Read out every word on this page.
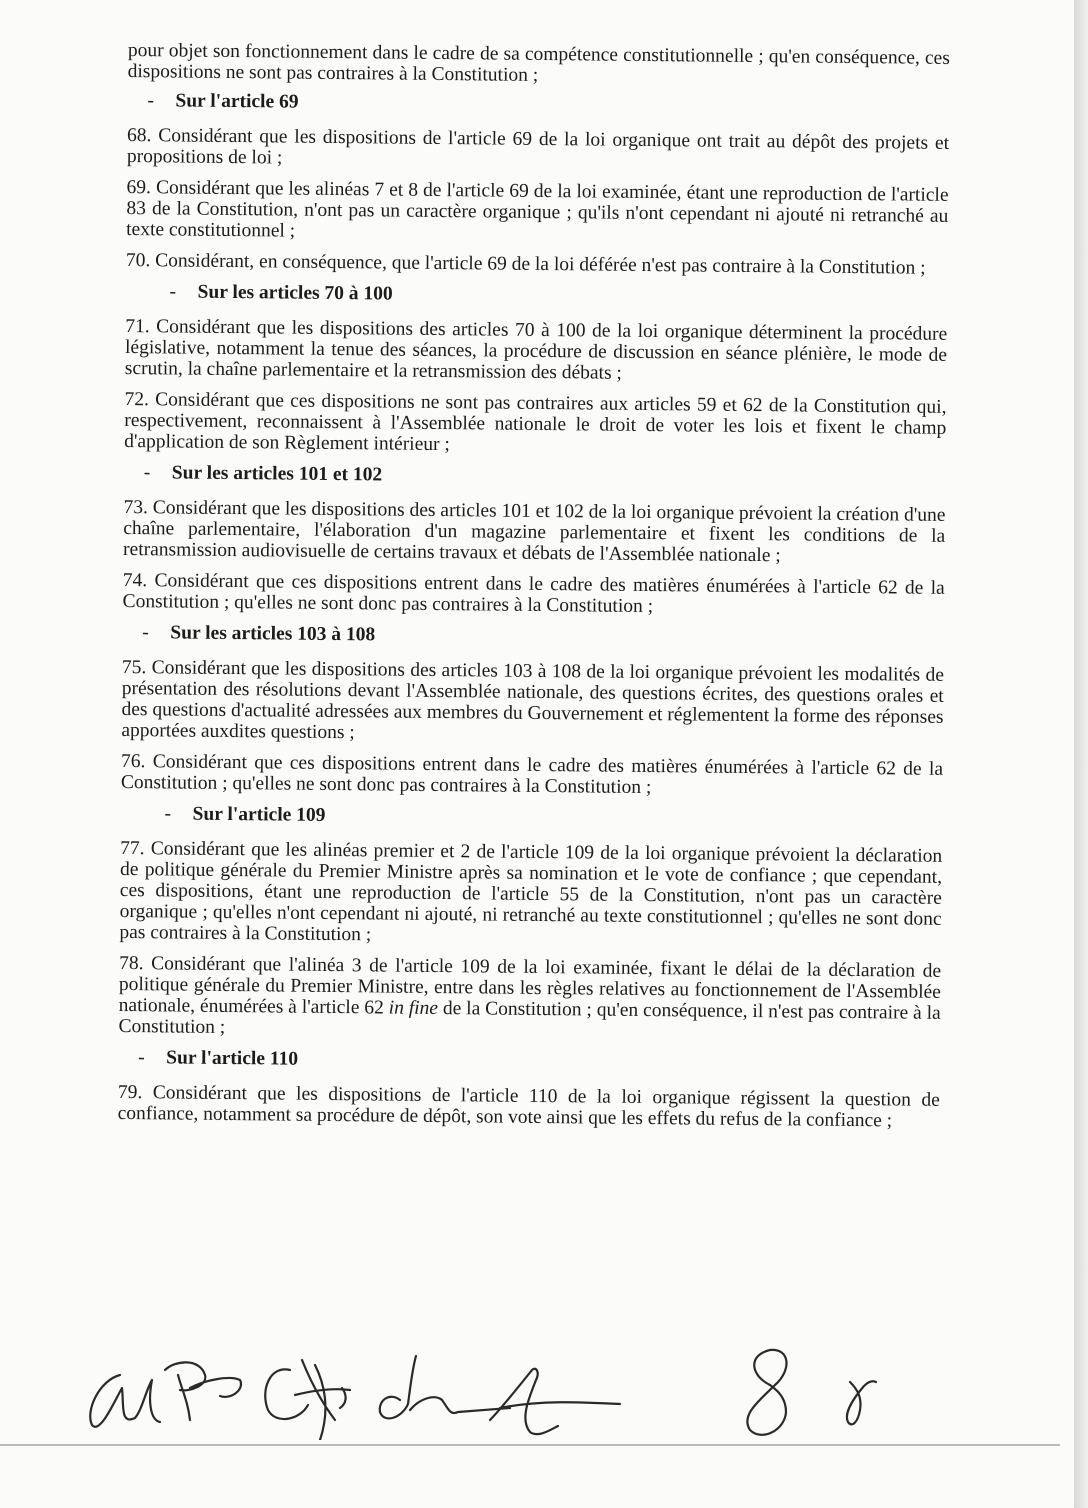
pour objet son fonctionnement dans le cadre de sa compétence constitutionnelle ; qu'en conséquence, ces dispositions ne sont pas contraires à la Constitution ;

-	Sur l'article 69

68. Considérant que les dispositions de l'article 69 de la loi organique ont trait au dépôt des projets et propositions de loi ;

69. Considérant que les alinéas 7 et 8 de l'article 69 de la loi examinée, étant une reproduction de l'article 83 de la Constitution, n'ont pas un caractère organique ; qu'ils n'ont cependant ni ajouté ni retranché au texte constitutionnel ;

70. Considérant, en conséquence, que l'article 69 de la loi déférée n'est pas contraire à la Constitution ;

-	Sur les articles 70 à 100

71. Considérant que les dispositions des articles 70 à 100 de la loi organique déterminent la procédure législative, notamment la tenue des séances, la procédure de discussion en séance plénière, le mode de scrutin, la chaîne parlementaire et la retransmission des débats ;

72. Considérant que ces dispositions ne sont pas contraires aux articles 59 et 62 de la Constitution qui, respectivement, reconnaissent à l'Assemblée nationale le droit de voter les lois et fixent le champ d'application de son Règlement intérieur ;

-	Sur les articles 101 et 102

73. Considérant que les dispositions des articles 101 et 102 de la loi organique prévoient la création d'une chaîne parlementaire, l'élaboration d'un magazine parlementaire et fixent les conditions de la retransmission audiovisuelle de certains travaux et débats de l'Assemblée nationale ;

74. Considérant que ces dispositions entrent dans le cadre des matières énumérées à l'article 62 de la Constitution ; qu'elles ne sont donc pas contraires à la Constitution ;

-	Sur les articles 103 à 108

75. Considérant que les dispositions des articles 103 à 108 de la loi organique prévoient les modalités de présentation des résolutions devant l'Assemblée nationale, des questions écrites, des questions orales et des questions d'actualité adressées aux membres du Gouvernement et réglementent la forme des réponses apportées auxdites questions ;

76. Considérant que ces dispositions entrent dans le cadre des matières énumérées à l'article 62 de la Constitution ; qu'elles ne sont donc pas contraires à la Constitution ;

-	Sur l'article 109

77. Considérant que les alinéas premier et 2 de l'article 109 de la loi organique prévoient la déclaration de politique générale du Premier Ministre après sa nomination et le vote de confiance ; que cependant, ces dispositions, étant une reproduction de l'article 55 de la Constitution, n'ont pas un caractère organique ; qu'elles n'ont cependant ni ajouté, ni retranché au texte constitutionnel ; qu'elles ne sont donc pas contraires à la Constitution ;

78. Considérant que l'alinéa 3 de l'article 109 de la loi examinée, fixant le délai de la déclaration de politique générale du Premier Ministre, entre dans les règles relatives au fonctionnement de l'Assemblée nationale, énumérées à l'article 62 in fine de la Constitution ; qu'en conséquence, il n'est pas contraire à la Constitution ;

-	Sur l'article 110

79. Considérant que les dispositions de l'article 110 de la loi organique régissent la question de confiance, notamment sa procédure de dépôt, son vote ainsi que les effets du refus de la confiance ;
